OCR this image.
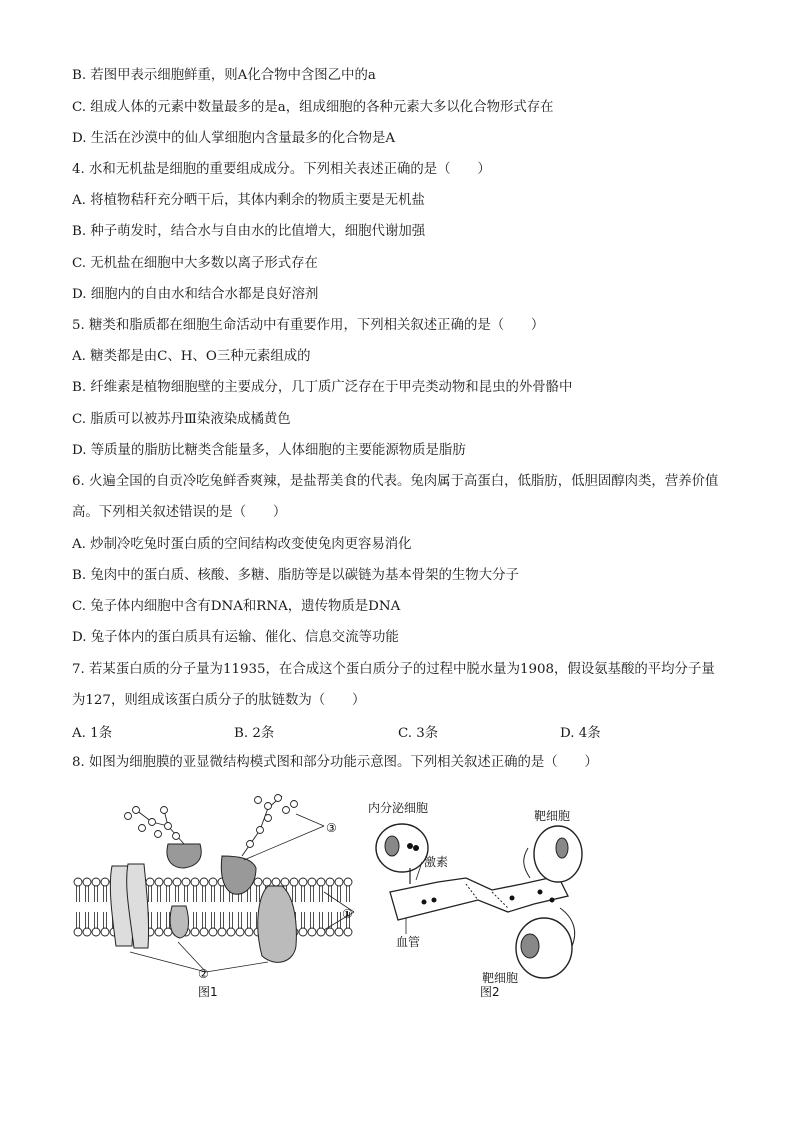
B. 若图甲表示细胞鲜重，则A化合物中含图乙中的a
C. 组成人体的元素中数量最多的是a，组成细胞的各种元素大多以化合物形式存在
D. 生活在沙漠中的仙人掌细胞内含量最多的化合物是A
4. 水和无机盐是细胞的重要组成成分。下列相关表述正确的是（　　）
A. 将植物秸秆充分晒干后，其体内剩余的物质主要是无机盐
B. 种子萌发时，结合水与自由水的比值增大，细胞代谢加强
C. 无机盐在细胞中大多数以离子形式存在
D. 细胞内的自由水和结合水都是良好溶剂
5. 糖类和脂质都在细胞生命活动中有重要作用，下列相关叙述正确的是（　　）
A. 糖类都是由C、H、O三种元素组成的
B. 纤维素是植物细胞壁的主要成分，几丁质广泛存在于甲壳类动物和昆虫的外骨骼中
C. 脂质可以被苏丹Ⅲ染液染成橘黄色
D. 等质量的脂肪比糖类含能量多，人体细胞的主要能源物质是脂肪
6. 火遍全国的自贡冷吃兔鲜香爽辣，是盐帮美食的代表。兔肉属于高蛋白，低脂肪，低胆固醇肉类，营养价值高。下列相关叙述错误的是（　　）
A. 炒制冷吃兔时蛋白质的空间结构改变使兔肉更容易消化
B. 兔肉中的蛋白质、核酸、多糖、脂肪等是以碳链为基本骨架的生物大分子
C. 兔子体内细胞中含有DNA和RNA，遗传物质是DNA
D. 兔子体内的蛋白质具有运输、催化、信息交流等功能
7. 若某蛋白质的分子量为11935，在合成这个蛋白质分子的过程中脱水量为1908，假设氨基酸的平均分子量为127，则组成该蛋白质分子的肽链数为（　　）
A. 1条	B. 2条	C. 3条	D. 4条
8. 如图为细胞膜的亚显微结构模式图和部分功能示意图。下列相关叙述正确的是（　　）
③
①
②
图1
内分泌细胞
靶细胞
激素
血管
靶细胞
图2
